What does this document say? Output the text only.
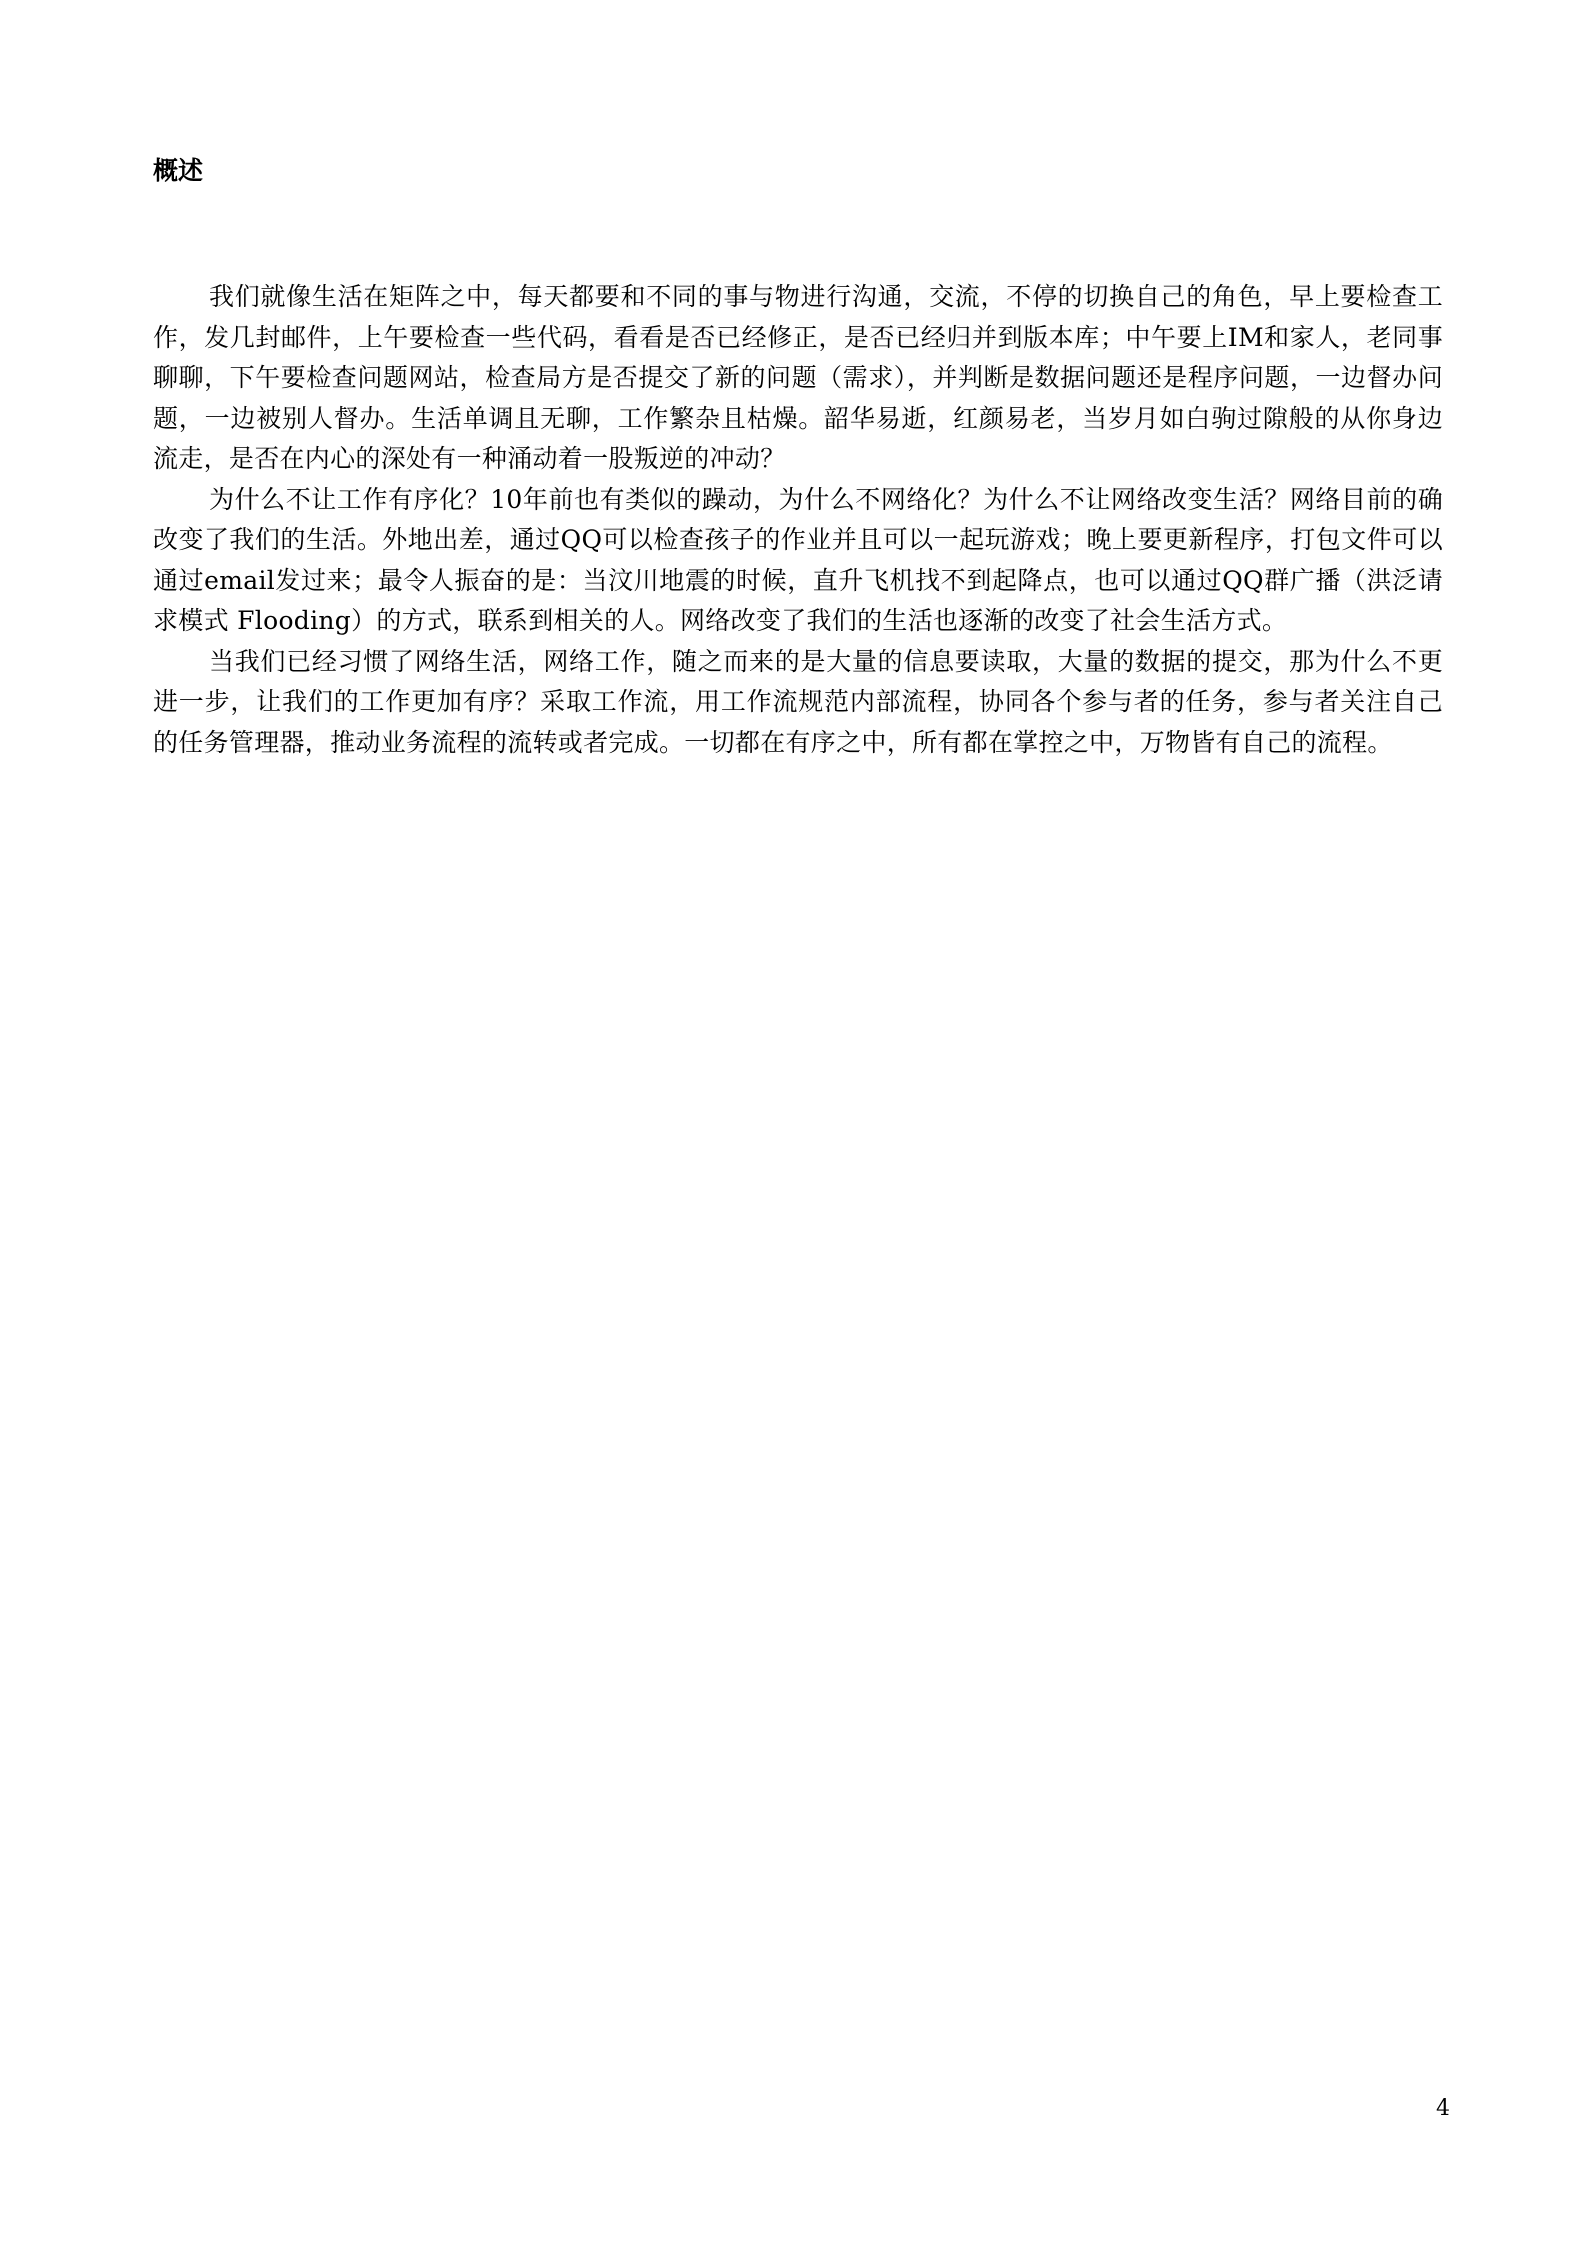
概述

我们就像生活在矩阵之中，每天都要和不同的事与物进行沟通，交流，不停的切换自己的角色，早上要检查工作，发几封邮件，上午要检查一些代码，看看是否已经修正，是否已经归并到版本库；中午要上IM和家人，老同事聊聊，下午要检查问题网站，检查局方是否提交了新的问题（需求），并判断是数据问题还是程序问题，一边督办问题，一边被别人督办。生活单调且无聊，工作繁杂且枯燥。韶华易逝，红颜易老，当岁月如白驹过隙般的从你身边流走，是否在内心的深处有一种涌动着一股叛逆的冲动？

为什么不让工作有序化？10年前也有类似的躁动，为什么不网络化？为什么不让网络改变生活？网络目前的确改变了我们的生活。外地出差，通过QQ可以检查孩子的作业并且可以一起玩游戏；晚上要更新程序，打包文件可以通过email发过来；最令人振奋的是：当汶川地震的时候，直升飞机找不到起降点，也可以通过QQ群广播（洪泛请求模式 Flooding）的方式，联系到相关的人。网络改变了我们的生活也逐渐的改变了社会生活方式。

当我们已经习惯了网络生活，网络工作，随之而来的是大量的信息要读取，大量的数据的提交，那为什么不更进一步，让我们的工作更加有序？采取工作流，用工作流规范内部流程，协同各个参与者的任务，参与者关注自己的任务管理器，推动业务流程的流转或者完成。一切都在有序之中，所有都在掌控之中，万物皆有自己的流程。

4
